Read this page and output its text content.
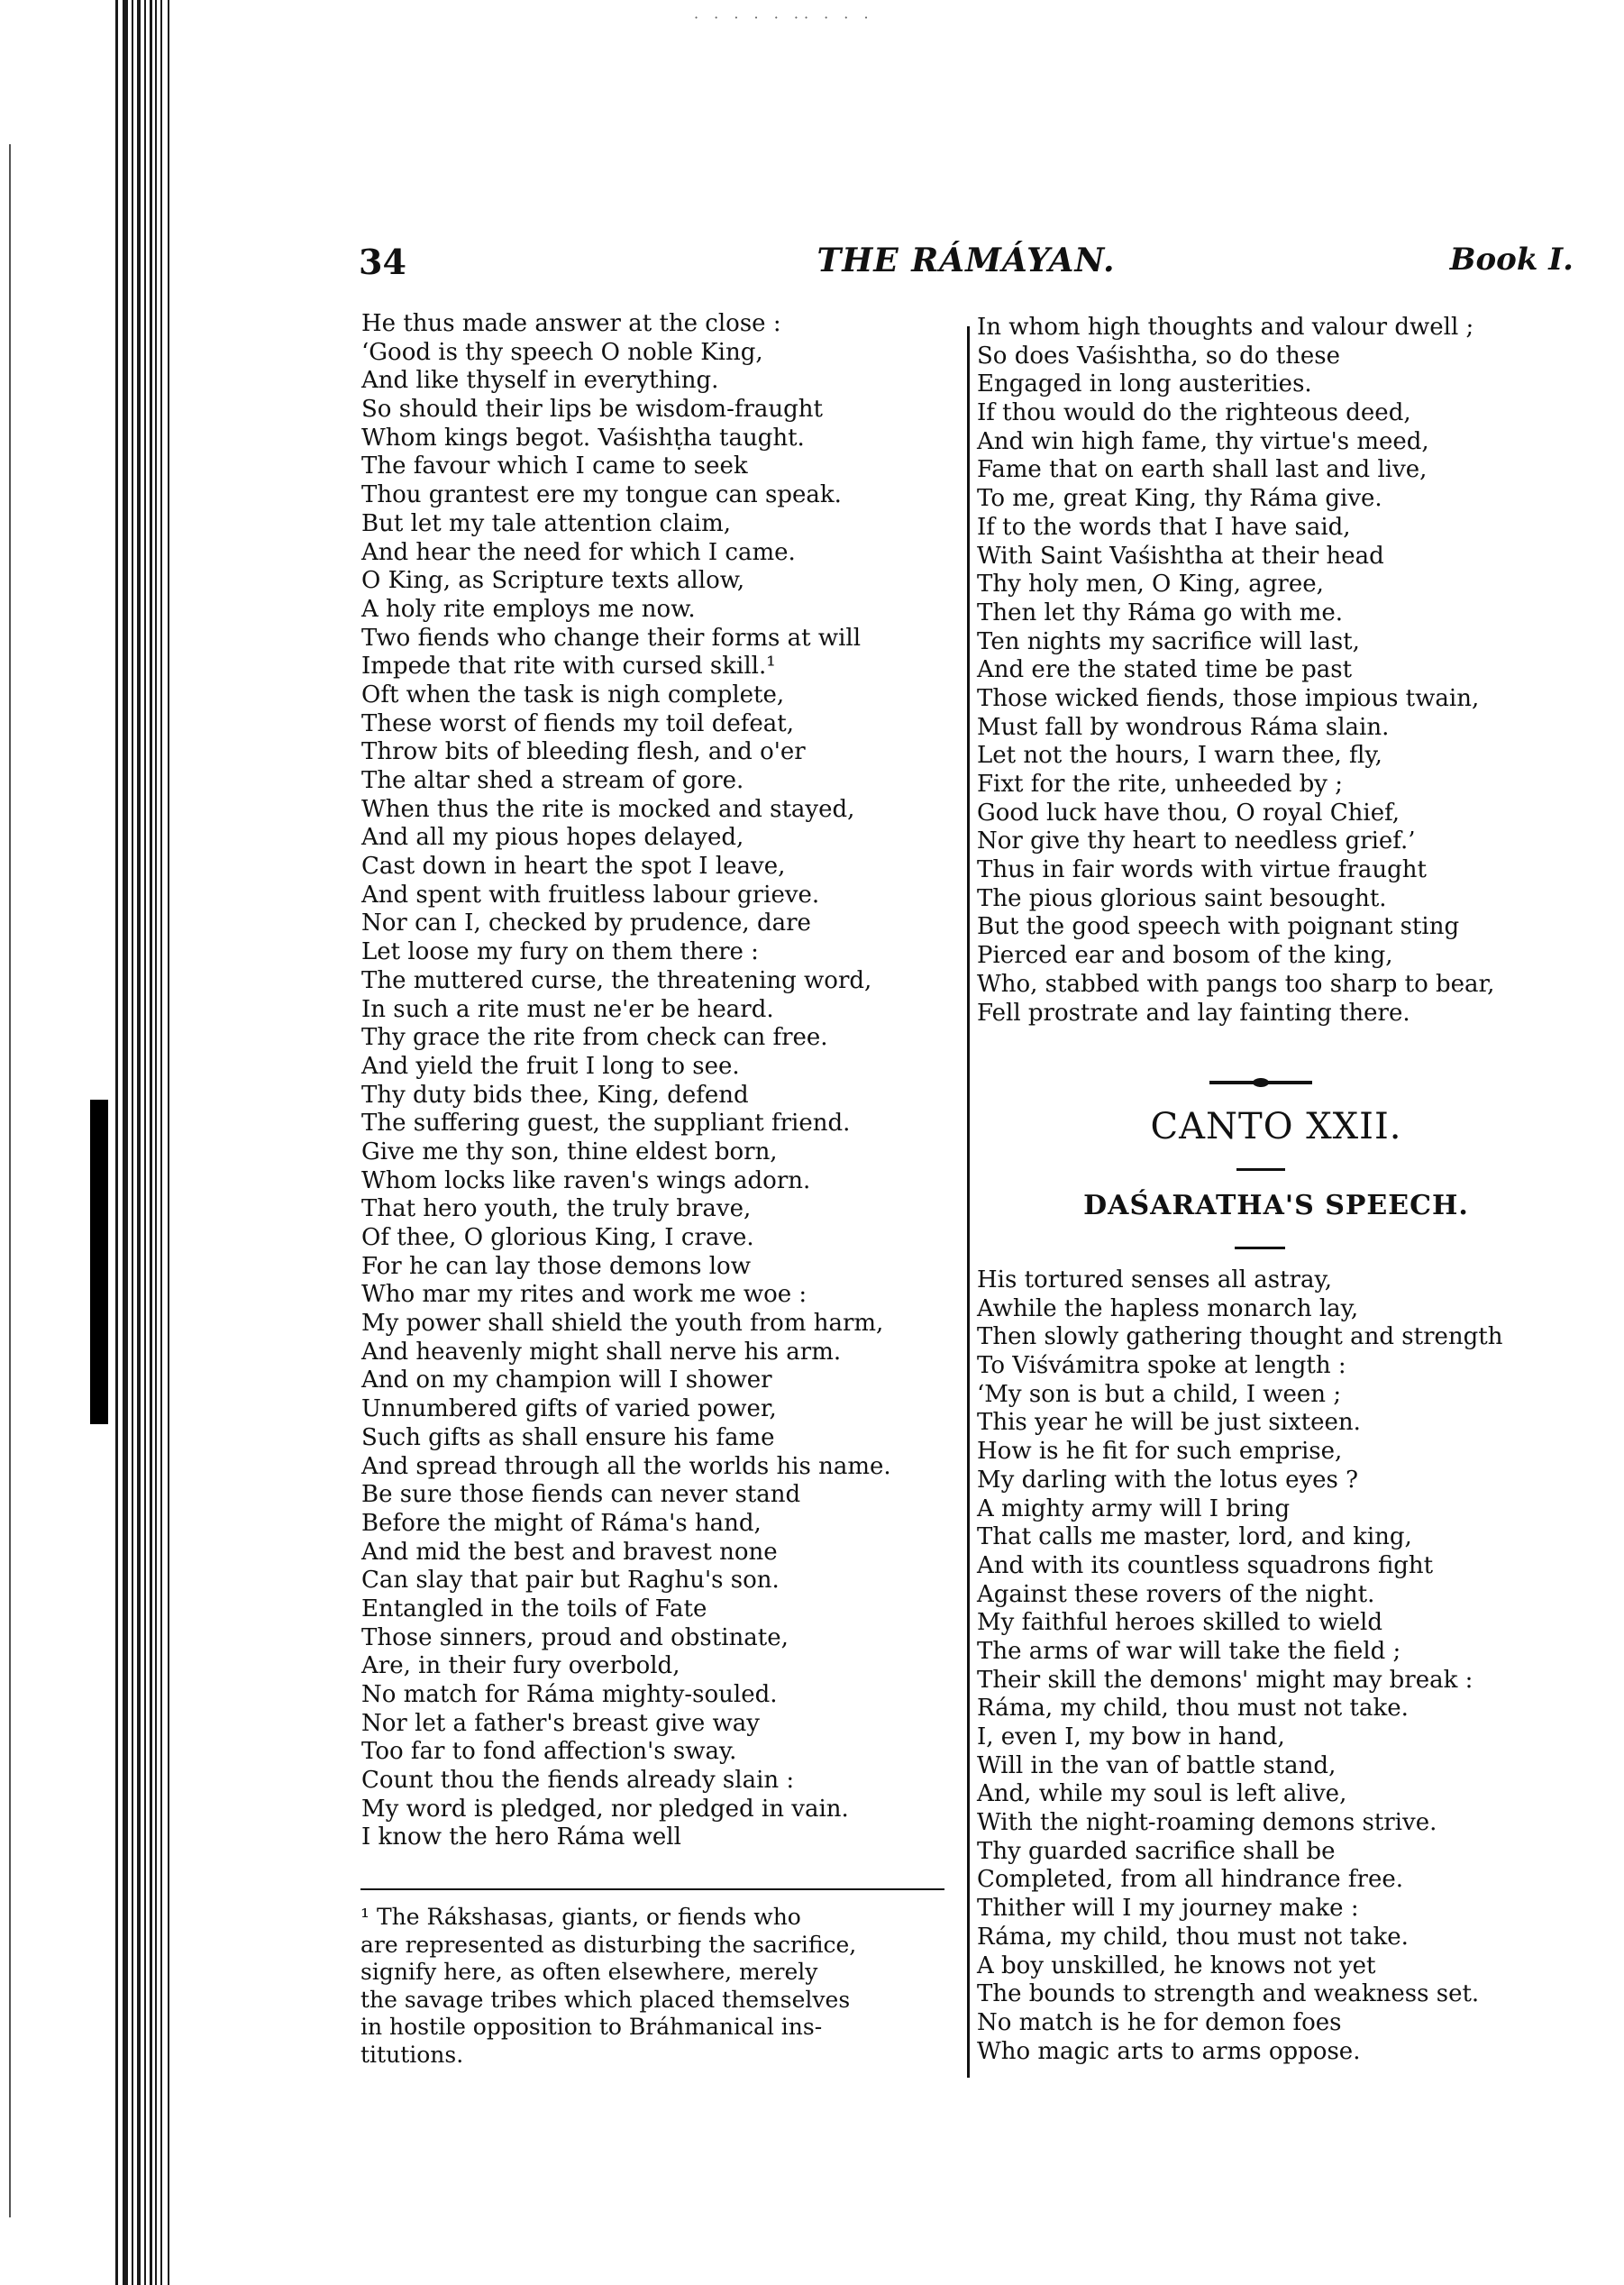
· · · · · ·· · · ·
34	THE RÁMÁYAN.	Book I.
He thus made answer at the close :
‘Good is thy speech O noble King,
And like thyself in everything.
So should their lips be wisdom-fraught
Whom kings begot. Vaśishṭha taught.
The favour which I came to seek
Thou grantest ere my tongue can speak.
But let my tale attention claim,
And hear the need for which I came.
O King, as Scripture texts allow,
A holy rite employs me now.
Two fiends who change their forms at will
Impede that rite with cursed skill.¹
Oft when the task is nigh complete,
These worst of fiends my toil defeat,
Throw bits of bleeding flesh, and o'er
The altar shed a stream of gore.
When thus the rite is mocked and stayed,
And all my pious hopes delayed,
Cast down in heart the spot I leave,
And spent with fruitless labour grieve.
Nor can I, checked by prudence, dare
Let loose my fury on them there :
The muttered curse, the threatening word,
In such a rite must ne'er be heard.
Thy grace the rite from check can free.
And yield the fruit I long to see.
Thy duty bids thee, King, defend
The suffering guest, the suppliant friend.
Give me thy son, thine eldest born,
Whom locks like raven's wings adorn.
That hero youth, the truly brave,
Of thee, O glorious King, I crave.
For he can lay those demons low
Who mar my rites and work me woe :
My power shall shield the youth from harm,
And heavenly might shall nerve his arm.
And on my champion will I shower
Unnumbered gifts of varied power,
Such gifts as shall ensure his fame
And spread through all the worlds his name.
Be sure those fiends can never stand
Before the might of Ráma's hand,
And mid the best and bravest none
Can slay that pair but Raghu's son.
Entangled in the toils of Fate
Those sinners, proud and obstinate,
Are, in their fury overbold,
No match for Ráma mighty-souled.
Nor let a father's breast give way
Too far to fond affection's sway.
Count thou the fiends already slain :
My word is pledged, nor pledged in vain.
I know the hero Ráma well
¹ The Rákshasas, giants, or fiends who
are represented as disturbing the sacrifice,
signify here, as often elsewhere, merely
the savage tribes which placed themselves
in hostile opposition to Bráhmanical ins-
titutions.
In whom high thoughts and valour dwell ;
So does Vaśishtha, so do these
Engaged in long austerities.
If thou would do the righteous deed,
And win high fame, thy virtue's meed,
Fame that on earth shall last and live,
To me, great King, thy Ráma give.
If to the words that I have said,
With Saint Vaśishtha at their head
Thy holy men, O King, agree,
Then let thy Ráma go with me.
Ten nights my sacrifice will last,
And ere the stated time be past
Those wicked fiends, those impious twain,
Must fall by wondrous Ráma slain.
Let not the hours, I warn thee, fly,
Fixt for the rite, unheeded by ;
Good luck have thou, O royal Chief,
Nor give thy heart to needless grief.’
Thus in fair words with virtue fraught
The pious glorious saint besought.
But the good speech with poignant sting
Pierced ear and bosom of the king,
Who, stabbed with pangs too sharp to bear,
Fell prostrate and lay fainting there.
CANTO XXII.
DAŚARATHA'S SPEECH.
His tortured senses all astray,
Awhile the hapless monarch lay,
Then slowly gathering thought and strength
To Viśvámitra spoke at length :
‘My son is but a child, I ween ;
This year he will be just sixteen.
How is he fit for such emprise,
My darling with the lotus eyes ?
A mighty army will I bring
That calls me master, lord, and king,
And with its countless squadrons fight
Against these rovers of the night.
My faithful heroes skilled to wield
The arms of war will take the field ;
Their skill the demons' might may break :
Ráma, my child, thou must not take.
I, even I, my bow in hand,
Will in the van of battle stand,
And, while my soul is left alive,
With the night-roaming demons strive.
Thy guarded sacrifice shall be
Completed, from all hindrance free.
Thither will I my journey make :
Ráma, my child, thou must not take.
A boy unskilled, he knows not yet
The bounds to strength and weakness set.
No match is he for demon foes
Who magic arts to arms oppose.
